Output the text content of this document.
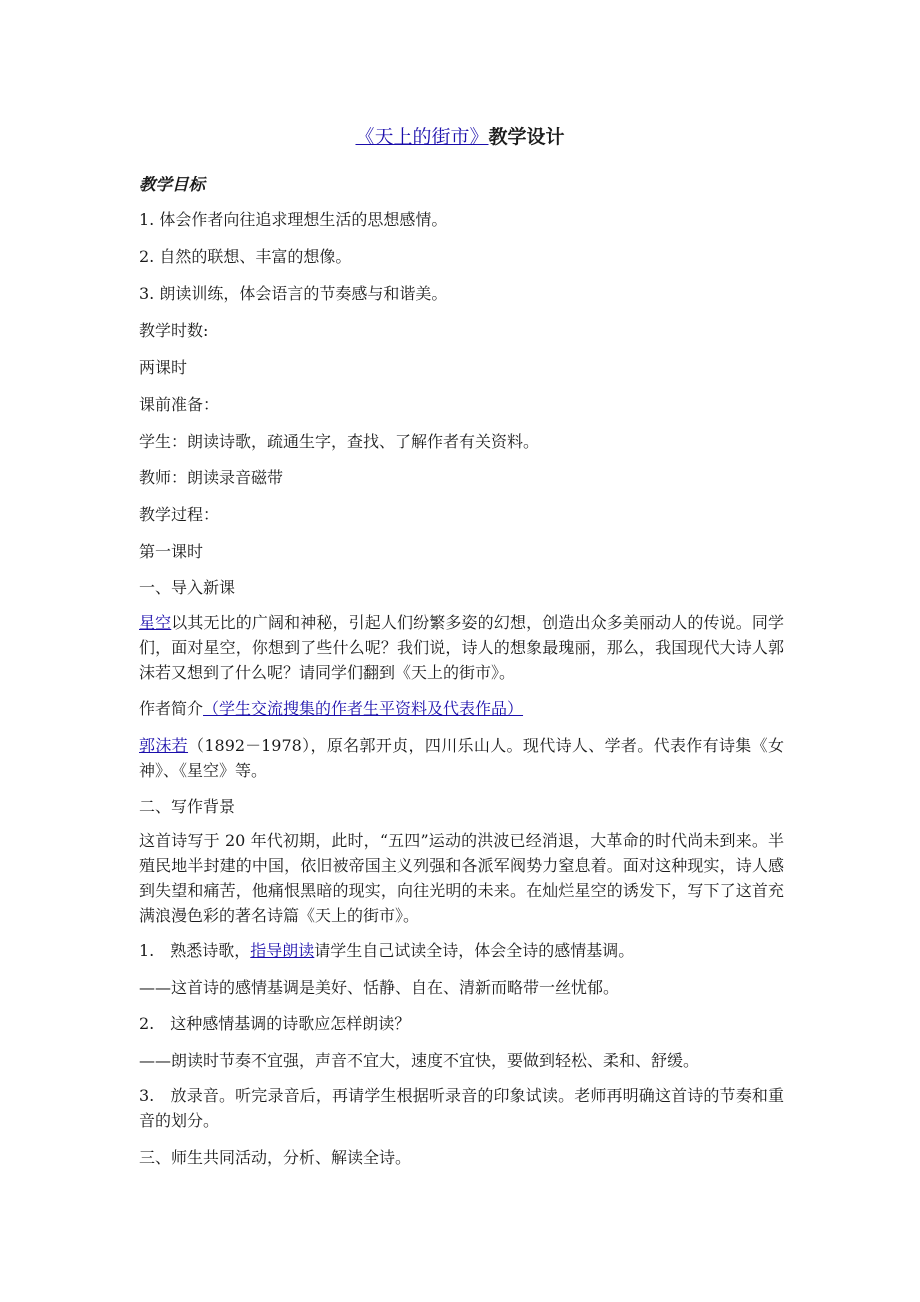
《天上的街市》教学设计

教学目标

1. 体会作者向往追求理想生活的思想感情。

2. 自然的联想、丰富的想像。

3. 朗读训练，体会语言的节奏感与和谐美。

教学时数:

两课时

课前准备：

学生：朗读诗歌，疏通生字，查找、了解作者有关资料。

教师：朗读录音磁带

教学过程：

第一课时

一、导入新课

星空以其无比的广阔和神秘，引起人们纷繁多姿的幻想，创造出众多美丽动人的传说。同学们，面对星空，你想到了些什么呢？我们说，诗人的想象最瑰丽，那么，我国现代大诗人郭沫若又想到了什么呢？请同学们翻到《天上的街市》。

作者简介（学生交流搜集的作者生平资料及代表作品）

郭沫若（1892－1978），原名郭开贞，四川乐山人。现代诗人、学者。代表作有诗集《女神》、《星空》等。

二、写作背景

这首诗写于 20 年代初期，此时，“五四”运动的洪波已经消退，大革命的时代尚未到来。半殖民地半封建的中国，依旧被帝国主义列强和各派军阀势力窒息着。面对这种现实，诗人感到失望和痛苦，他痛恨黑暗的现实，向往光明的未来。在灿烂星空的诱发下，写下了这首充满浪漫色彩的著名诗篇《天上的街市》。

1.　熟悉诗歌，指导朗读请学生自己试读全诗，体会全诗的感情基调。

——这首诗的感情基调是美好、恬静、自在、清新而略带一丝忧郁。

2.　这种感情基调的诗歌应怎样朗读？

——朗读时节奏不宜强，声音不宜大，速度不宜快，要做到轻松、柔和、舒缓。

3.　放录音。听完录音后，再请学生根据听录音的印象试读。老师再明确这首诗的节奏和重音的划分。

三、师生共同活动，分析、解读全诗。
